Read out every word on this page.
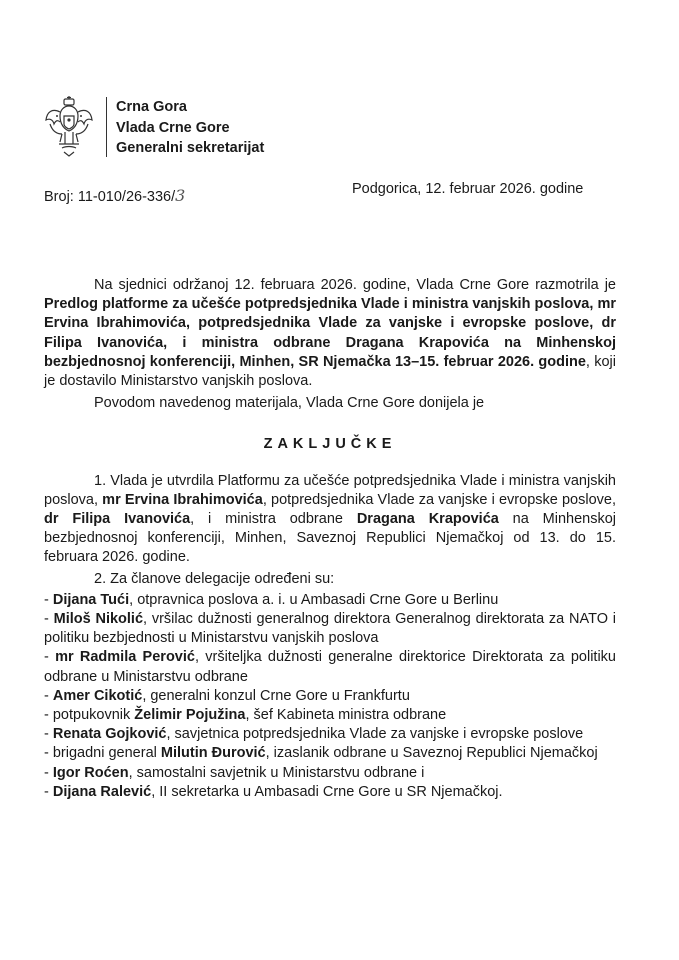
Crna Gora
Vlada Crne Gore
Generalni sekretarijat
Broj: 11-010/26-336/3	Podgorica, 12. februar 2026. godine

Na sjednici održanoj 12. februara 2026. godine, Vlada Crne Gore razmotrila je Predlog platforme za učešće potpredsjednika Vlade i ministra vanjskih poslova, mr Ervina Ibrahimovića, potpredsjednika Vlade za vanjske i evropske poslove, dr Filipa Ivanovića, i ministra odbrane Dragana Krapovića na Minhenskoj bezbjednosnoj konferenciji, Minhen, SR Njemačka 13–15. februar 2026. godine, koji je dostavilo Ministarstvo vanjskih poslova.

Povodom navedenog materijala, Vlada Crne Gore donijela je

ZAKLJUČKE

1. Vlada je utvrdila Platformu za učešće potpredsjednika Vlade i ministra vanjskih poslova, mr Ervina Ibrahimovića, potpredsjednika Vlade za vanjske i evropske poslove, dr Filipa Ivanovića, i ministra odbrane Dragana Krapovića na Minhenskoj bezbjednosnoj konferenciji, Minhen, Saveznoj Republici Njemačkoj od 13. do 15. februara 2026. godine.

2. Za članove delegacije određeni su:

- Dijana Tući, otpravnica poslova a. i. u Ambasadi Crne Gore u Berlinu
- Miloš Nikolić, vršilac dužnosti generalnog direktora Generalnog direktorata za NATO i politiku bezbjednosti u Ministarstvu vanjskih poslova
- mr Radmila Perović, vršiteljka dužnosti generalne direktorice Direktorata za politiku odbrane u Ministarstvu odbrane
- Amer Cikotić, generalni konzul Crne Gore u Frankfurtu
- potpukovnik Želimir Pojužina, šef Kabineta ministra odbrane
- Renata Gojković, savjetnica potpredsjednika Vlade za vanjske i evropske poslove
- brigadni general Milutin Đurović, izaslanik odbrane u Saveznoj Republici Njemačkoj
- Igor Roćen, samostalni savjetnik u Ministarstvu odbrane i
- Dijana Ralević, II sekretarka u Ambasadi Crne Gore u SR Njemačkoj.
